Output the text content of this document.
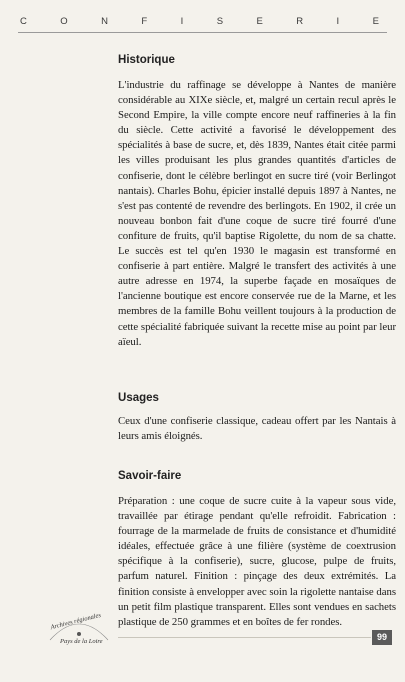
C	O	N	F	I	S	E	R	I	E
Historique

L'industrie du raffinage se développe à Nantes de manière considérable au XIXe siècle, et, malgré un certain recul après le Second Empire, la ville compte encore neuf raffineries à la fin du siècle. Cette activité a favorisé le développement des spécialités à base de sucre, et, dès 1839, Nantes était citée parmi les villes produisant les plus grandes quantités d'articles de confiserie, dont le célèbre berlingot en sucre tiré (voir Berlingot nantais). Charles Bohu, épicier installé depuis 1897 à Nantes, ne s'est pas contenté de revendre des berlingots. En 1902, il crée un nouveau bonbon fait d'une coque de sucre tiré fourré d'une confiture de fruits, qu'il baptise Rigolette, du nom de sa chatte. Le succès est tel qu'en 1930 le magasin est transformé en confiserie à part entière. Malgré le transfert des activités à une autre adresse en 1974, la superbe façade en mosaïques de l'ancienne boutique est encore conservée rue de la Marne, et les membres de la famille Bohu veillent toujours à la production de cette spécialité fabriquée suivant la recette mise au point par leur aïeul.

Usages

Ceux d'une confiserie classique, cadeau offert par les Nantais à leurs amis éloignés.

Savoir-faire

Préparation : une coque de sucre cuite à la vapeur sous vide, travaillée par étirage pendant qu'elle refroidit. Fabrication : fourrage de la marmelade de fruits de consistance et d'humidité idéales, effectuée grâce à une filière (système de coextrusion spécifique à la confiserie), sucre, glucose, pulpe de fruits, parfum naturel. Finition : pinçage des deux extrémités. La finition consiste à envelopper avec soin la rigolette nantaise dans un petit film plastique transparent. Elles sont vendues en sachets plastique de 250 grammes et en boîtes de fer rondes.

Archives régionales
Pays de la Loire	99
